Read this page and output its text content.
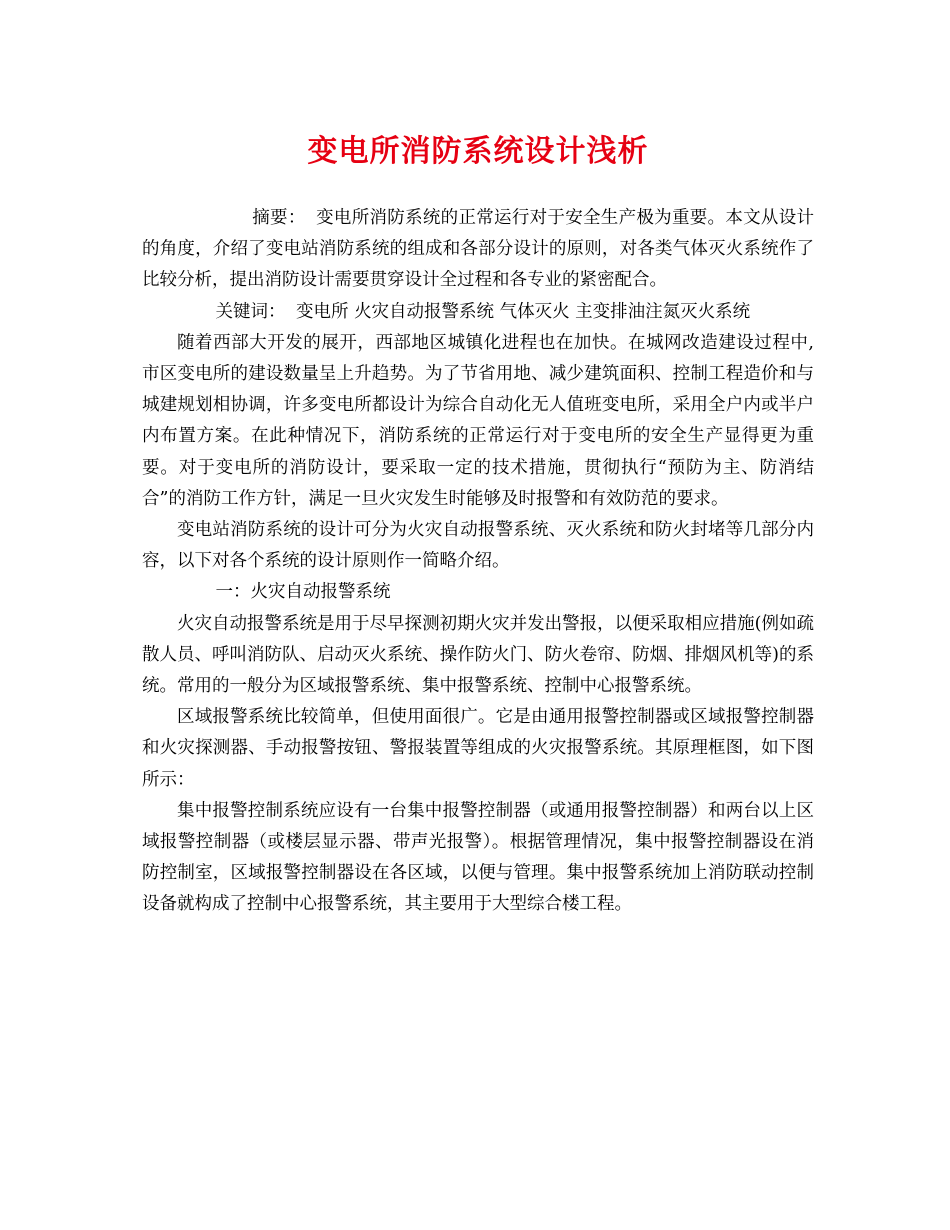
变电所消防系统设计浅析

摘要： 变电所消防系统的正常运行对于安全生产极为重要。本文从设计的角度，介绍了变电站消防系统的组成和各部分设计的原则，对各类气体灭火系统作了比较分析，提出消防设计需要贯穿设计全过程和各专业的紧密配合。

关键词： 变电所 火灾自动报警系统 气体灭火 主变排油注氮灭火系统

随着西部大开发的展开，西部地区城镇化进程也在加快。在城网改造建设过程中, 市区变电所的建设数量呈上升趋势。为了节省用地、减少建筑面积、控制工程造价和与城建规划相协调，许多变电所都设计为综合自动化无人值班变电所，采用全户内或半户内布置方案。在此种情况下，消防系统的正常运行对于变电所的安全生产显得更为重要。对于变电所的消防设计，要采取一定的技术措施，贯彻执行“预防为主、防消结合”的消防工作方针，满足一旦火灾发生时能够及时报警和有效防范的要求。

变电站消防系统的设计可分为火灾自动报警系统、灭火系统和防火封堵等几部分内容，以下对各个系统的设计原则作一简略介绍。

一：火灾自动报警系统

火灾自动报警系统是用于尽早探测初期火灾并发出警报，以便采取相应措施(例如疏散人员、呼叫消防队、启动灭火系统、操作防火门、防火卷帘、防烟、排烟风机等)的系统。常用的一般分为区域报警系统、集中报警系统、控制中心报警系统。

区域报警系统比较简单，但使用面很广。它是由通用报警控制器或区域报警控制器和火灾探测器、手动报警按钮、警报装置等组成的火灾报警系统。其原理框图，如下图所示：

集中报警控制系统应设有一台集中报警控制器（或通用报警控制器）和两台以上区域报警控制器（或楼层显示器、带声光报警）。根据管理情况，集中报警控制器设在消防控制室，区域报警控制器设在各区域，以便与管理。集中报警系统加上消防联动控制设备就构成了控制中心报警系统，其主要用于大型综合楼工程。
